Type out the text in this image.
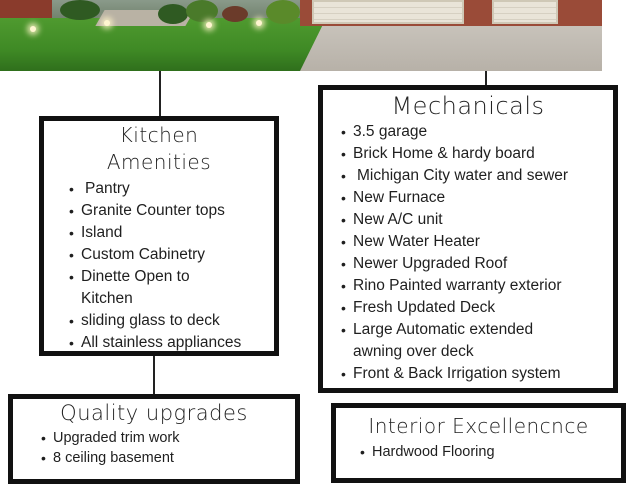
Kitchen
Amenities
• Pantry
• Granite Counter tops
• Island
• Custom Cabinetry
• Dinette Open to
Kitchen
• sliding glass to deck
• All stainless appliances
Mechanicals
• 3.5 garage
• Brick Home & hardy board
• Michigan City water and sewer
• New Furnace
• New A/C unit
• New Water Heater
• Newer Upgraded Roof
• Rino Painted warranty exterior
• Fresh Updated Deck
• Large Automatic extended
awning over deck
• Front & Back Irrigation system
Quality upgrades
• Upgraded trim work
• 8 ceiling basement
Interior Excellencnce
• Hardwood Flooring
